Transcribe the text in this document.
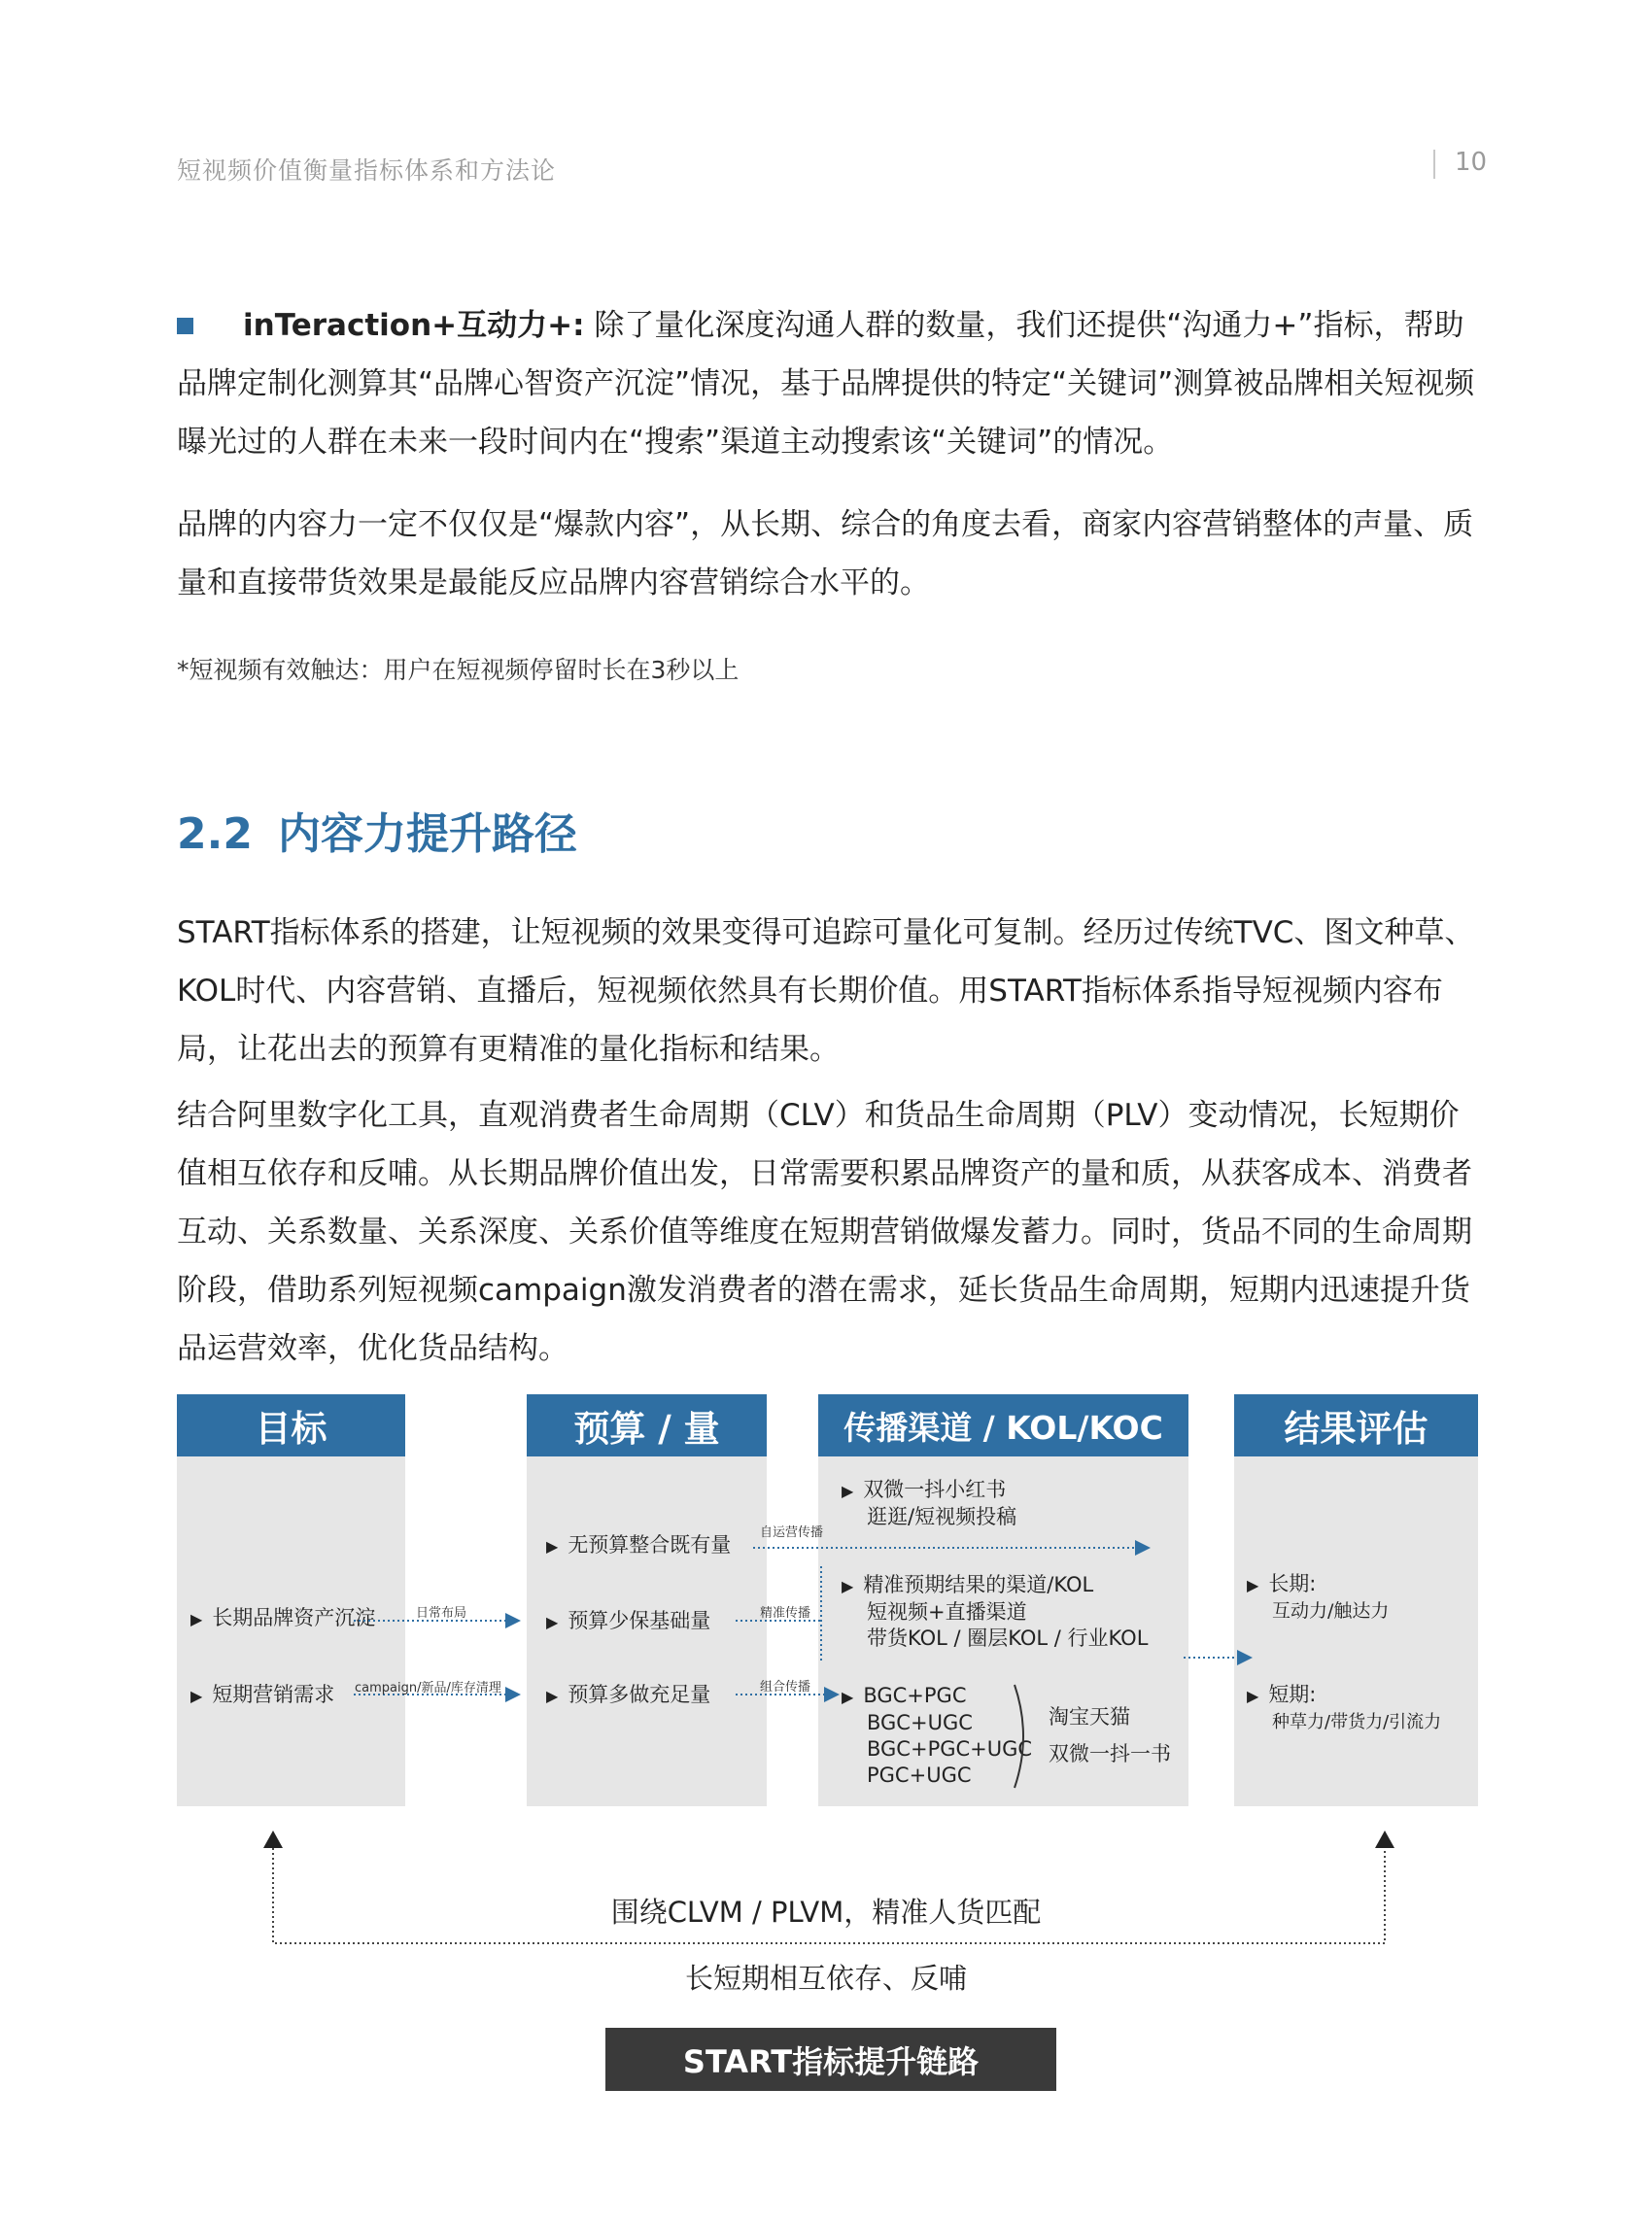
短视频价值衡量指标体系和方法论	10

inTeraction+互动力+: 除了量化深度沟通人群的数量，我们还提供“沟通力+”指标，帮助品牌定制化测算其“品牌心智资产沉淀”情况，基于品牌提供的特定“关键词”测算被品牌相关短视频曝光过的人群在未来一段时间内在“搜索”渠道主动搜索该“关键词”的情况。

品牌的内容力一定不仅仅是“爆款内容”，从长期、综合的角度去看，商家内容营销整体的声量、质量和直接带货效果是最能反应品牌内容营销综合水平的。

*短视频有效触达：用户在短视频停留时长在3秒以上
2.2 内容力提升路径

START指标体系的搭建，让短视频的效果变得可追踪可量化可复制。经历过传统TVC、图文种草、KOL时代、内容营销、直播后，短视频依然具有长期价值。用START指标体系指导短视频内容布局，让花出去的预算有更精准的量化指标和结果。

结合阿里数字化工具，直观消费者生命周期（CLV）和货品生命周期（PLV）变动情况，长短期价值相互依存和反哺。从长期品牌价值出发，日常需要积累品牌资产的量和质，从获客成本、消费者互动、关系数量、关系深度、关系价值等维度在短期营销做爆发蓄力。同时，货品不同的生命周期阶段，借助系列短视频campaign激发消费者的潜在需求，延长货品生命周期，短期内迅速提升货品运营效率，优化货品结构。

目标	预算 / 量	传播渠道 / KOL/KOC	结果评估
▶ 长期品牌资产沉淀
▶ 短期营销需求
▶ 无预算整合既有量
▶ 预算少保基础量
▶ 预算多做充足量
▶ 双微一抖小红书
逛逛/短视频投稿
▶ 精准预期结果的渠道/KOL
短视频+直播渠道
带货KOL / 圈层KOL / 行业KOL
▶ BGC+PGC
BGC+UGC
BGC+PGC+UGC
PGC+UGC
淘宝天猫
双微一抖一书
▶ 长期:
互动力/触达力
▶ 短期:
种草力/带货力/引流力
日常布局
campaign/新品/库存清理
自运营传播
精准传播
组合传播
围绕CLVM / PLVM，精准人货匹配
长短期相互依存、反哺
START指标提升链路
